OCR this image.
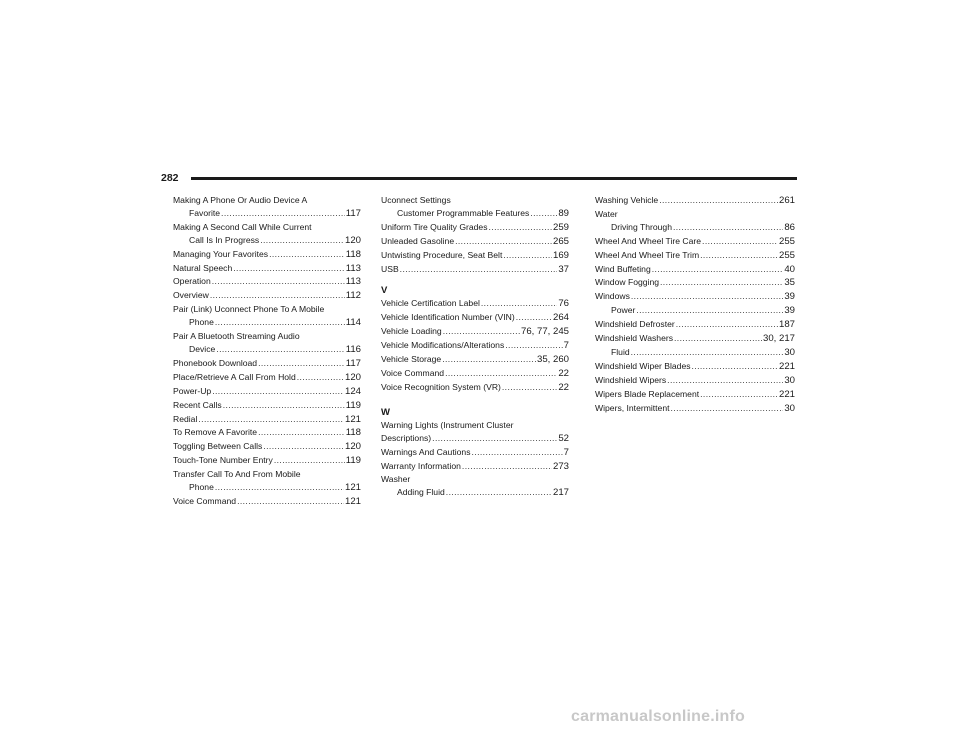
282
Making A Phone Or Audio Device A
Favorite .....	117
Making A Second Call While Current
Call Is In Progress .....	120
Managing Your Favorites .....	118
Natural Speech .....	113
Operation .....	113
Overview .....	112
Pair (Link) Uconnect Phone To A Mobile
Phone .....	114
Pair A Bluetooth Streaming Audio
Device .....	116
Phonebook Download .....	117
Place/Retrieve A Call From Hold .....	120
Power-Up .....	124
Recent Calls .....	119
Redial .....	121
To Remove A Favorite .....	118
Toggling Between Calls .....	120
Touch-Tone Number Entry .....	119
Transfer Call To And From Mobile
Phone .....	121
Voice Command .....	121
Uconnect Settings
Customer Programmable Features .....	89
Uniform Tire Quality Grades .....	259
Unleaded Gasoline .....	265
Untwisting Procedure, Seat Belt .....	169
USB .....	37
V
Vehicle Certification Label .....	76
Vehicle Identification Number (VIN) .....	264
Vehicle Loading .....	76, 77, 245
Vehicle Modifications/Alterations .....	7
Vehicle Storage .....	35, 260
Voice Command .....	22
Voice Recognition System (VR) .....	22
W
Warning Lights (Instrument Cluster
Descriptions) .....	52
Warnings And Cautions .....	7
Warranty Information .....	273
Washer
Adding Fluid .....	217
Washing Vehicle .....	261
Water
Driving Through .....	86
Wheel And Wheel Tire Care .....	255
Wheel And Wheel Tire Trim .....	255
Wind Buffeting .....	40
Window Fogging .....	35
Windows .....	39
Power .....	39
Windshield Defroster .....	187
Windshield Washers .....	30, 217
Fluid .....	30
Windshield Wiper Blades .....	221
Windshield Wipers .....	30
Wipers Blade Replacement .....	221
Wipers, Intermittent .....	30
carmanualsonline.info
